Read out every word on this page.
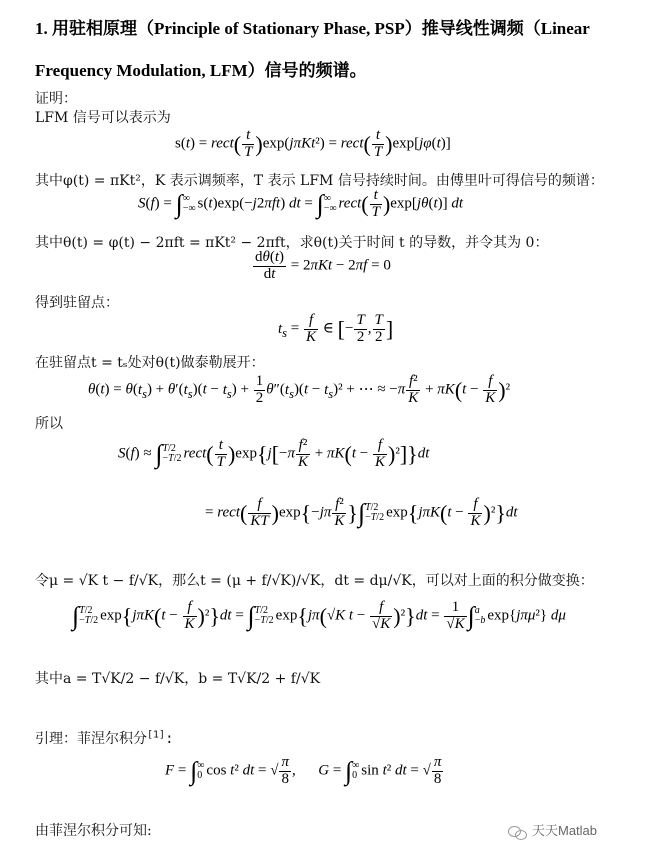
1. 用驻相原理（Principle of Stationary Phase, PSP）推导线性调频（Linear
Frequency Modulation, LFM）信号的频谱。
证明：
LFM 信号可以表示为
s(t) = rect( $\frac{t}{T} )\exp(j\pi Kt^2)$ = rect( $\frac{t}{T} )\exp[j\varphi(t)]$
其中φ(t) = πKt²，K 表示调频率，T 表示 LFM 信号持续时间。由傅里叶可得信号的频谱：
S(f) = ∫ ∞
−∞ s(t)exp(−j2πft) dt = ∫ ∞
−∞ rect( $\frac{t}{T} )\exp[j\theta(t)]$ dt
其中θ(t) = φ(t) − 2πft = πKt² − 2πft，求θ(t)关于时间 t 的导数，并令其为 0：
$\frac{d\theta(t)}{dt} = 2\pi Kt - 2\pi f = 0$
得到驻留点：
$t_s = \frac{f}{K}$ ∈ [− $\frac{T}{2}$ , $\frac{T}{2}$ ]
在驻留点t = tₛ处对θ(t)做泰勒展开：
$\theta(t) = \theta(t_s) + \theta'(t_s)(t - t_s) + \frac{1}{2} \theta''(t_s)(t - t_s)^2$ + ⋯ ≈ $-\pi \frac{\text{f²}}{K} + \pi K(t - \frac{f}{K} )^2$
所以
S(f) ≈ ∫ T/2
−T/2 rect( $\frac{t}{T} )\exp\{j[-\pi \frac{\text{f²}}{K} + \pi K(t - \frac{f}{K} )^2]\}dt$
= rect( $\frac{f}{KT} )\exp\{-j\pi \frac{\text{f²}}{K}$ }∫ T/2
−T/2 $\exp\{j\pi K(t - \frac{f}{K} )^2\}dt$
令μ = √K t − f/√K，那么t = (μ + f/√K)/√K，dt = dμ/√K，可以对上面的积分做变换：
∫ T/2
−T/2 $\exp\{j\pi K(t - \frac{f}{K} )^2\}dt$ = ∫ T/2
−T/2 exp{jπ(√K $t - \frac{f}{√K} )^2\}dt = \frac{1}{√K}$ ∫ a
−b exp{jπμ²} dμ
其中a = T√K/2 − f/√K，b = T√K/2 + f/√K
引理：菲涅尔积分[1]:
F = ∫ ∞
0 cos t² dt = √ $\frac{\pi}{8}$ ,      G = ∫ ∞
0 sin t² dt = √ $\frac{\pi}{8}$
由菲涅尔积分可知:	天天Matlab
